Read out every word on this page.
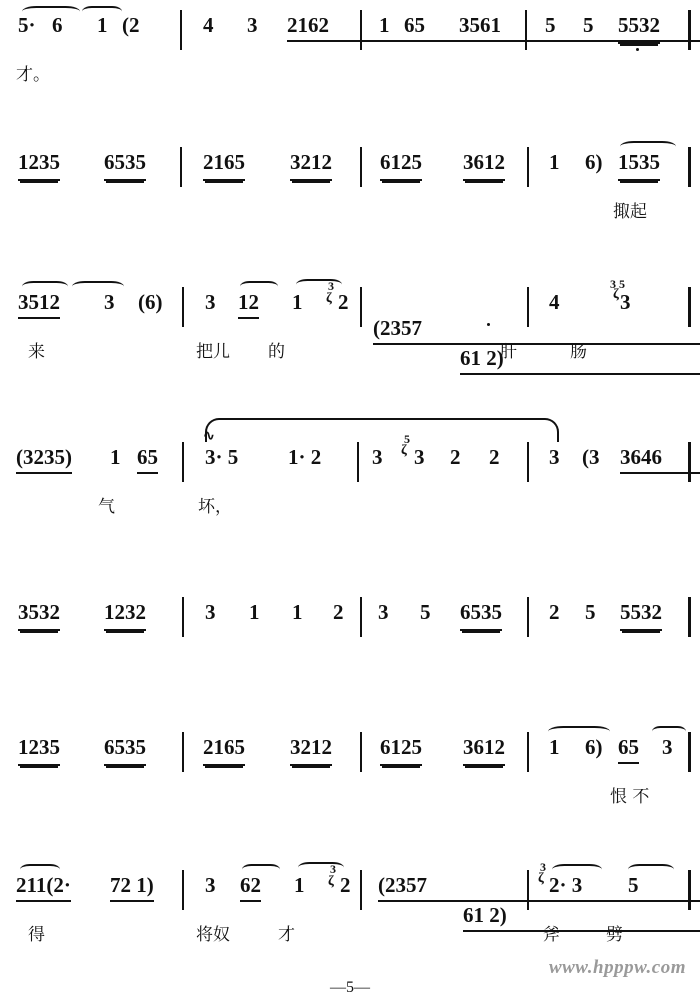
5· 6 1 (2	4 3 2162	1 65 3561 5 5 5532
才。
1235 6535	2165 3212 6125 3612 1 6) 1535
掫起
3512 3 (6)	3 12 1
3
ζ 2
(2357
61 2)
4
3 5
ζ 3
来	把儿 的	肝	肠
(3235) 1 65
∿
3· 5 1· 2 3
5
ζ 3 2 2 3 (3 3646
气	坏，
3532 1232	3 1 1 2 3 5 6535 2 5 5532
1235 6535	2165 3212 6125 3612 1 6) 65 3
恨 不
211(2· 72 1) 3 62 1
3
ζ 2 (2357
61 2)
3
ζ 2· 3 5
得	将奴	才	斧	劈
—5—
www.hpppw.com
